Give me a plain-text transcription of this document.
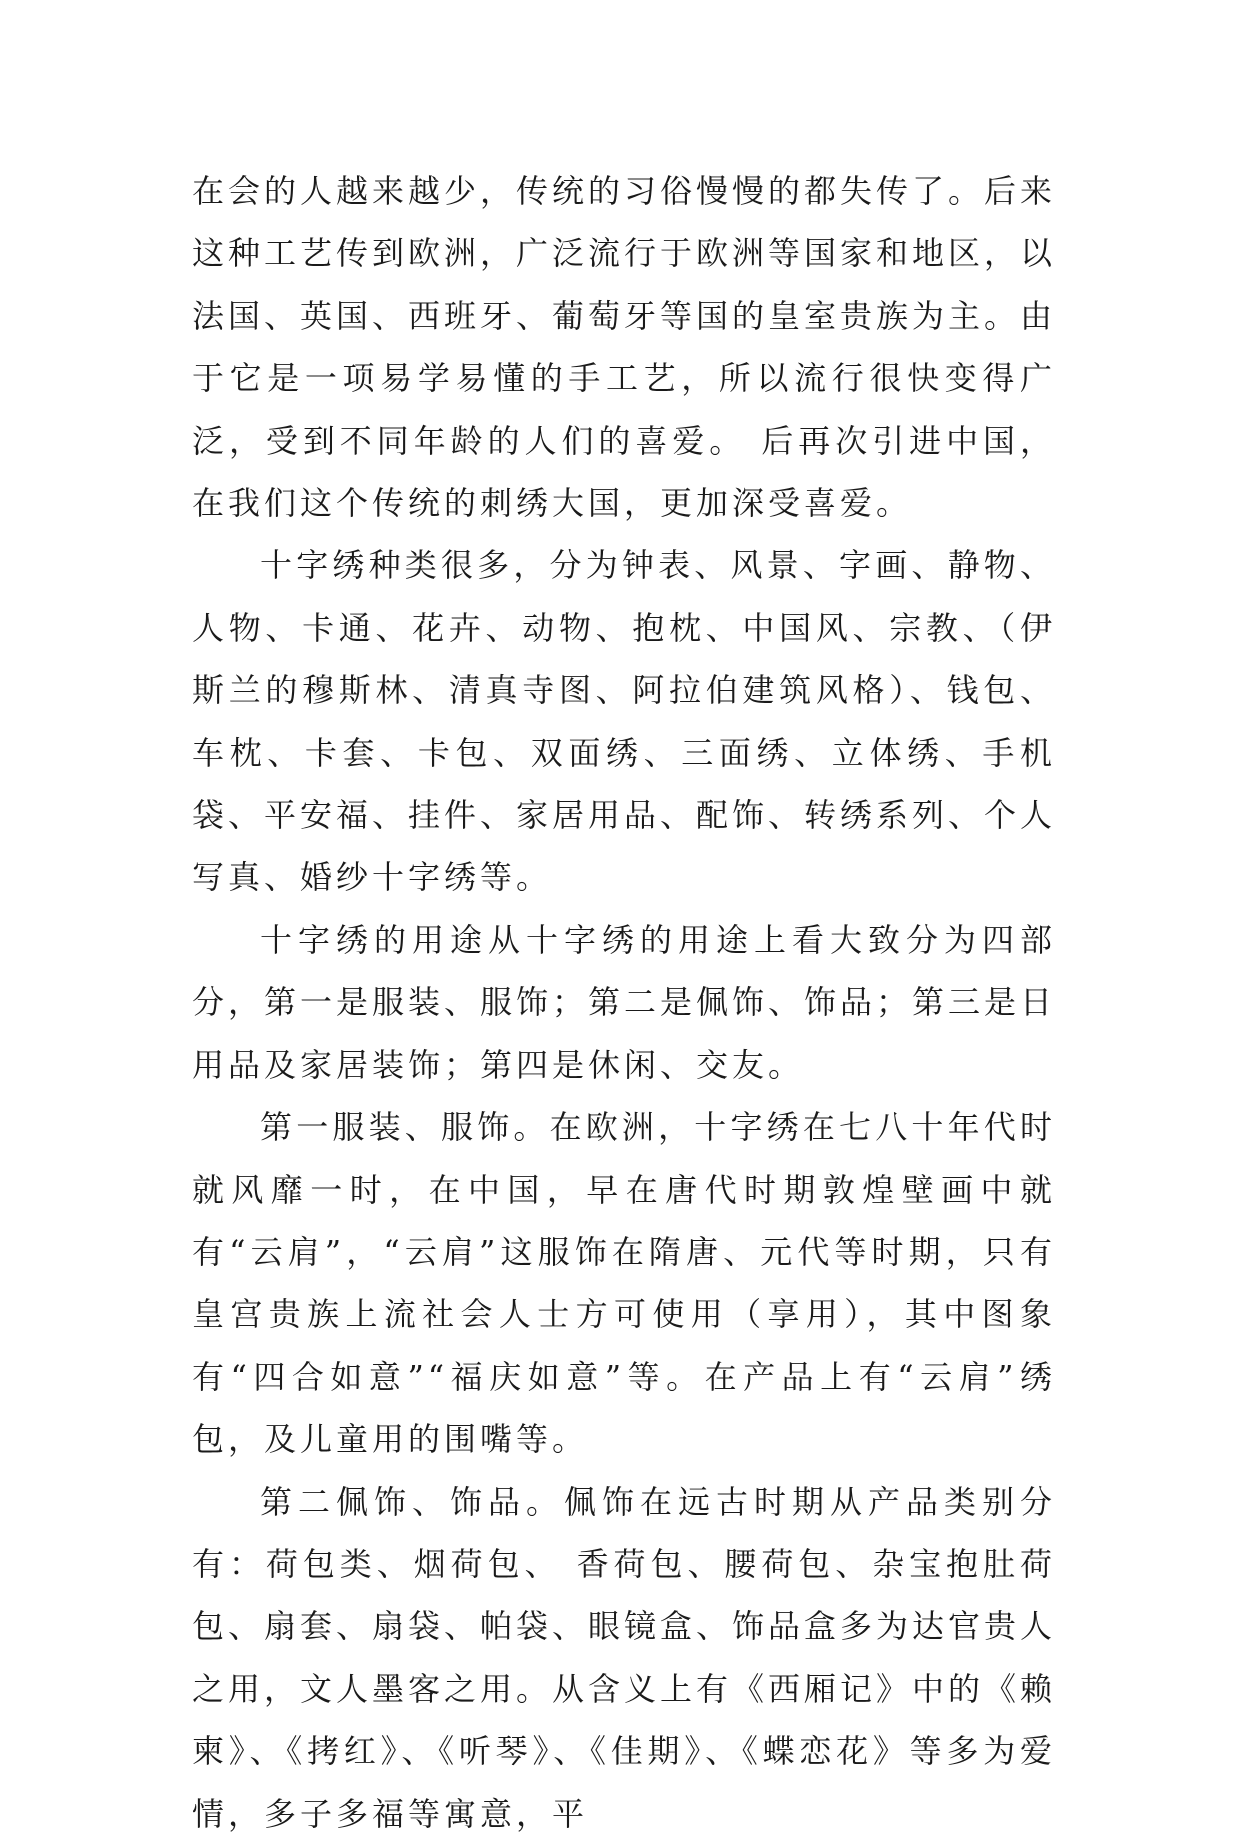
在会的人越来越少，传统的习俗慢慢的都失传了。后来这种工艺传到欧洲，广泛流行于欧洲等国家和地区，以法国、英国、西班牙、葡萄牙等国的皇室贵族为主。由于它是一项易学易懂的手工艺，所以流行很快变得广泛，受到不同年龄的人们的喜爱。 后再次引进中国，在我们这个传统的刺绣大国，更加深受喜爱。

十字绣种类很多，分为钟表、风景、字画、静物、人物、卡通、花卉、动物、抱枕、中国风、宗教、（伊斯兰的穆斯林、清真寺图、阿拉伯建筑风格）、钱包、车枕、卡套、卡包、双面绣、三面绣、立体绣、手机袋、平安福、挂件、家居用品、配饰、转绣系列、个人写真、婚纱十字绣等。

十字绣的用途从十字绣的用途上看大致分为四部分，第一是服装、服饰；第二是佩饰、饰品；第三是日用品及家居装饰；第四是休闲、交友。

第一服装、服饰。在欧洲，十字绣在七八十年代时就风靡一时，在中国，早在唐代时期敦煌壁画中就有“云肩”，“云肩”这服饰在隋唐、元代等时期，只有皇宫贵族上流社会人士方可使用（享用），其中图象有“四合如意”“福庆如意”等。在产品上有“云肩”绣包，及儿童用的围嘴等。

第二佩饰、饰品。佩饰在远古时期从产品类别分有：荷包类、烟荷包、 香荷包、腰荷包、杂宝抱肚荷包、扇套、扇袋、帕袋、眼镜盒、饰品盒多为达官贵人之用，文人墨客之用。从含义上有《西厢记》中的《赖柬》、《拷红》、《听琴》、《佳期》、《蝶恋花》等多为爱情，多子多福等寓意，平
